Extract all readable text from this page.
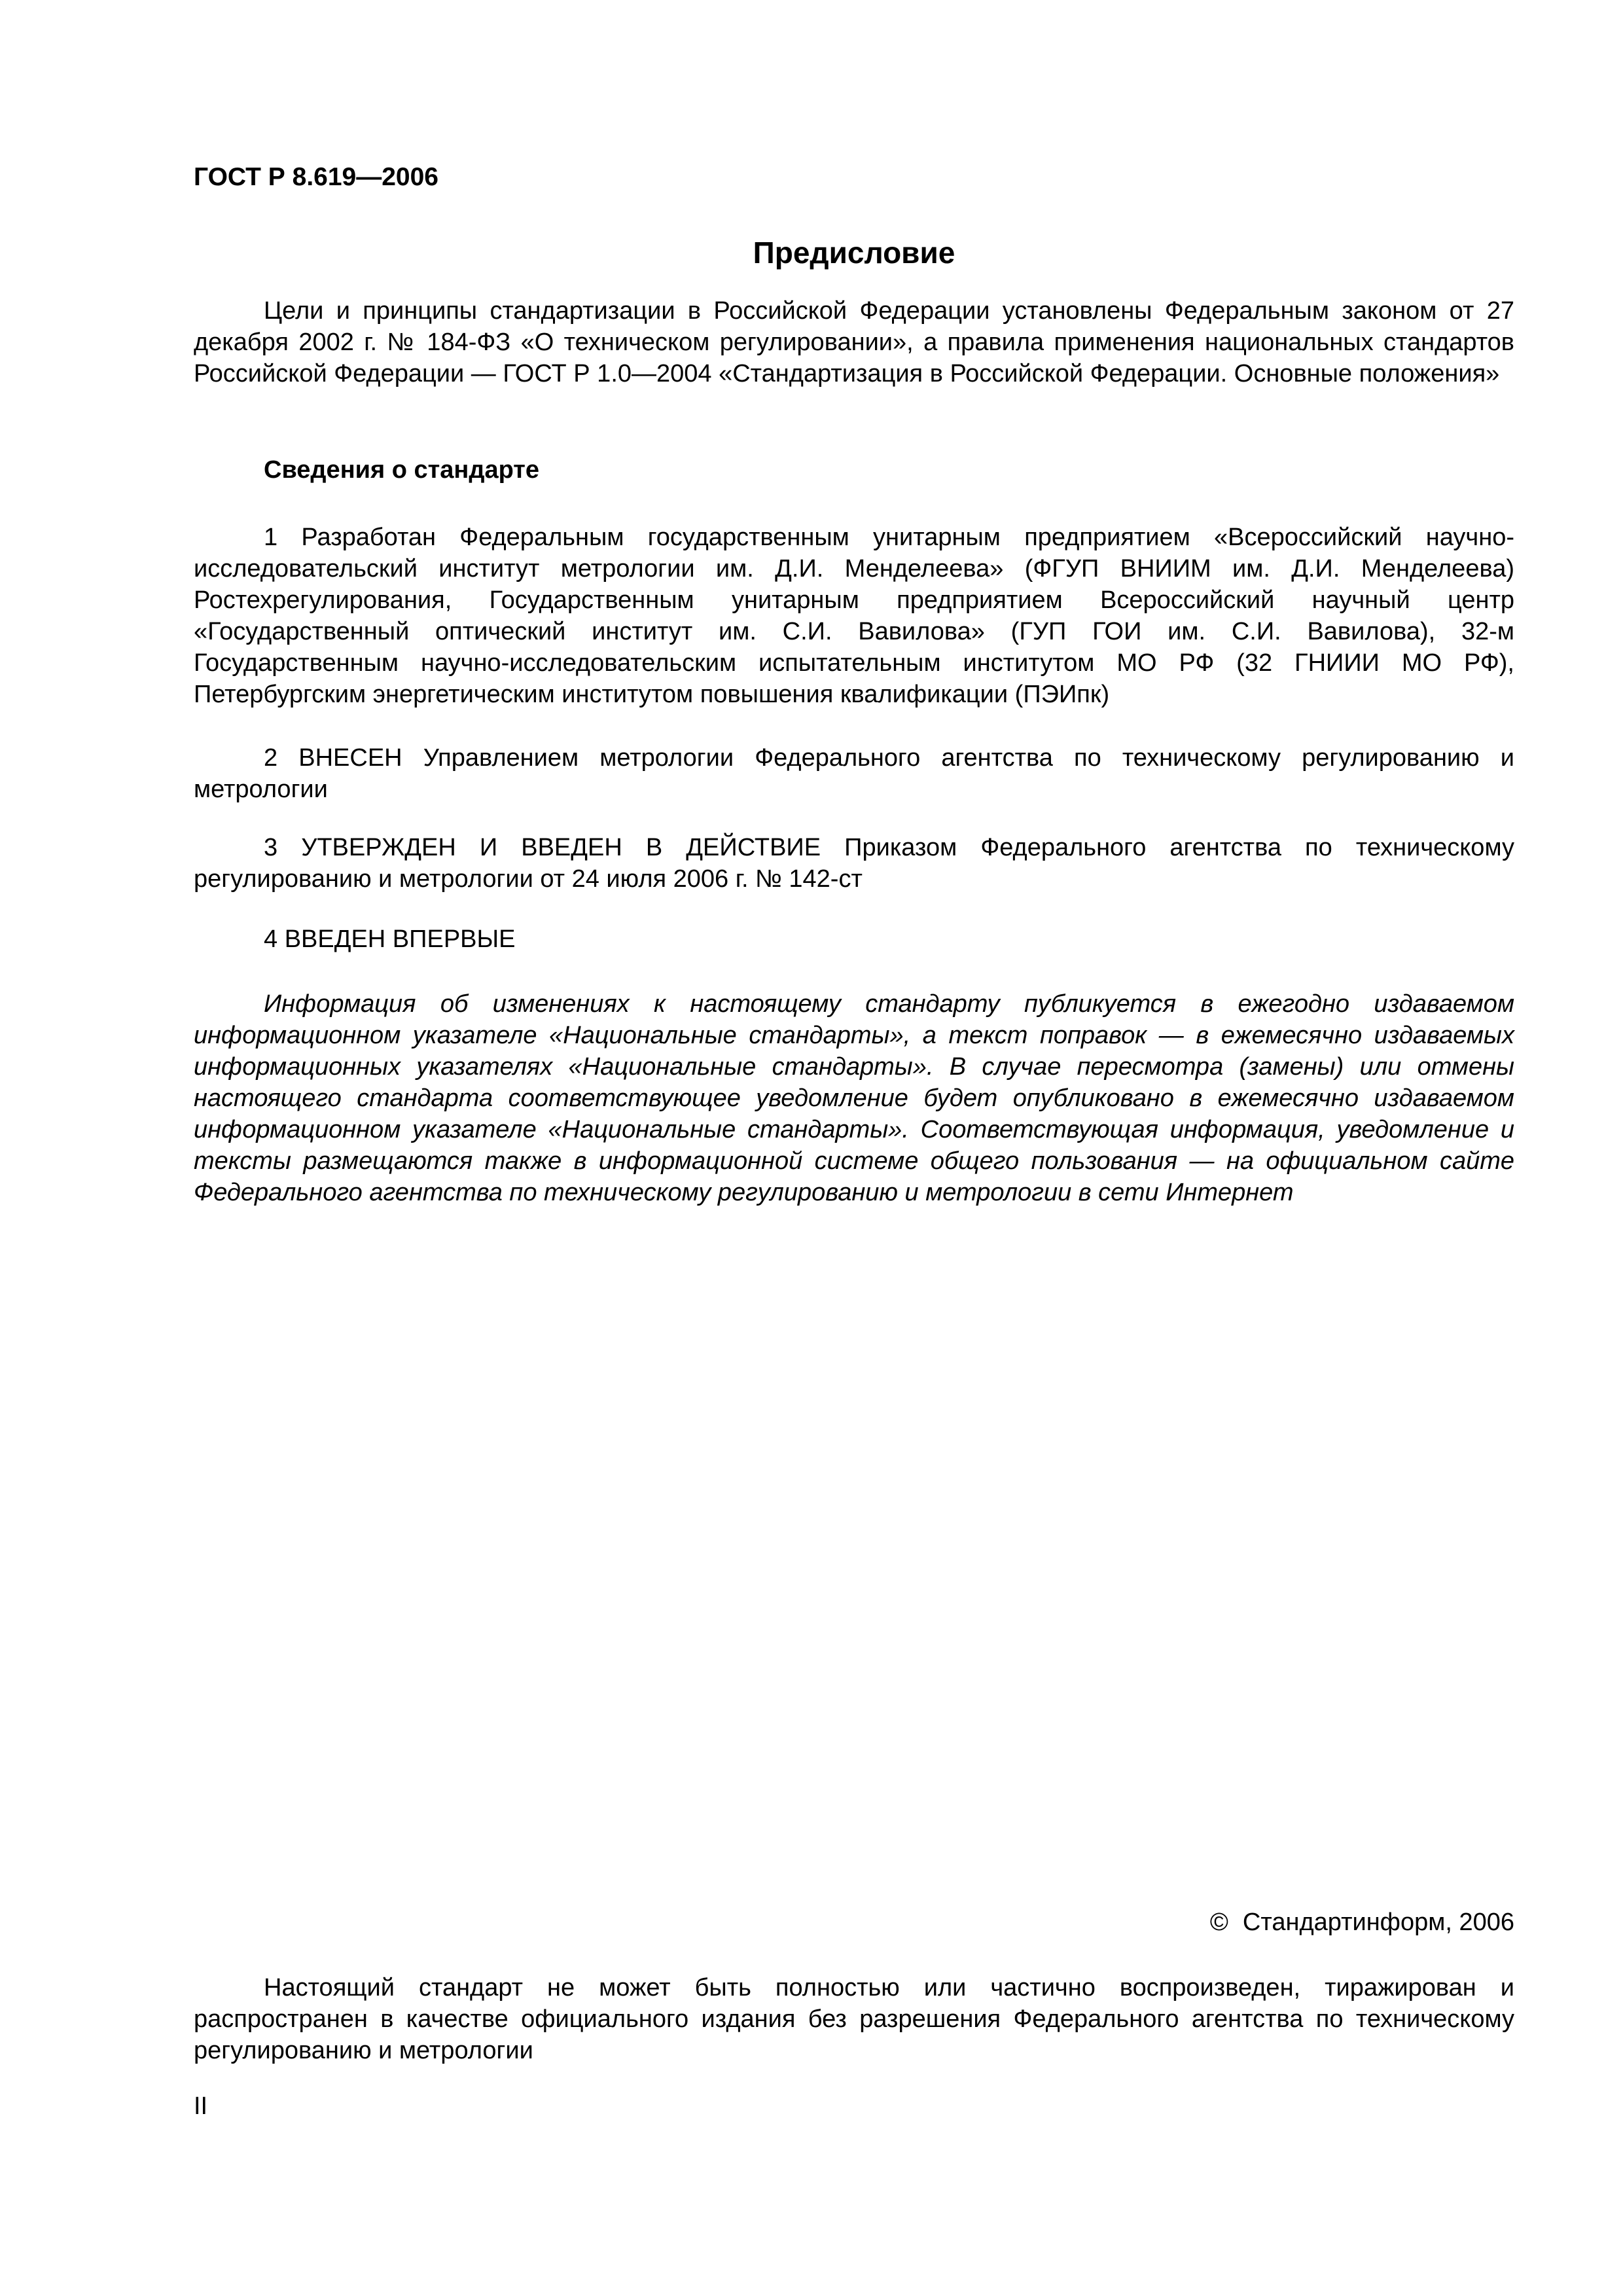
ГОСТ Р 8.619—2006
Предисловие

Цели и принципы стандартизации в Российской Федерации установлены Федеральным законом от 27 декабря 2002 г. № 184-ФЗ «О техническом регулировании», а правила применения национальных стандартов Российской Федерации — ГОСТ Р 1.0—2004 «Стандартизация в Российской Федерации. Основные положения»

Сведения о стандарте

1 Разработан Федеральным государственным унитарным предприятием «Всероссийский научно-исследовательский институт метрологии им. Д.И. Менделеева» (ФГУП ВНИИМ им. Д.И. Менделеева) Ростехрегулирования, Государственным унитарным предприятием Всероссийский научный центр «Государственный оптический институт им. С.И. Вавилова» (ГУП ГОИ им. С.И. Вавилова), 32-м Государственным научно-исследовательским испытательным институтом МО РФ (32 ГНИИИ МО РФ), Петербургским энергетическим институтом повышения квалификации (ПЭИпк)

2 ВНЕСЕН Управлением метрологии Федерального агентства по техническому регулированию и метрологии

3 УТВЕРЖДЕН И ВВЕДЕН В ДЕЙСТВИЕ Приказом Федерального агентства по техническому регулированию и метрологии от 24 июля 2006 г. № 142-ст

4 ВВЕДЕН ВПЕРВЫЕ

Информация об изменениях к настоящему стандарту публикуется в ежегодно издаваемом информационном указателе «Национальные стандарты», а текст поправок — в ежемесячно издаваемых информационных указателях «Национальные стандарты». В случае пересмотра (замены) или отмены настоящего стандарта соответствующее уведомление будет опубликовано в ежемесячно издаваемом информационном указателе «Национальные стандарты». Соответствующая информация, уведомление и тексты размещаются также в информационной системе общего пользования — на официальном сайте Федерального агентства по техническому регулированию и метрологии в сети Интернет

© Стандартинформ, 2006

Настоящий стандарт не может быть полностью или частично воспроизведен, тиражирован и распространен в качестве официального издания без разрешения Федерального агентства по техническому регулированию и метрологии

II
